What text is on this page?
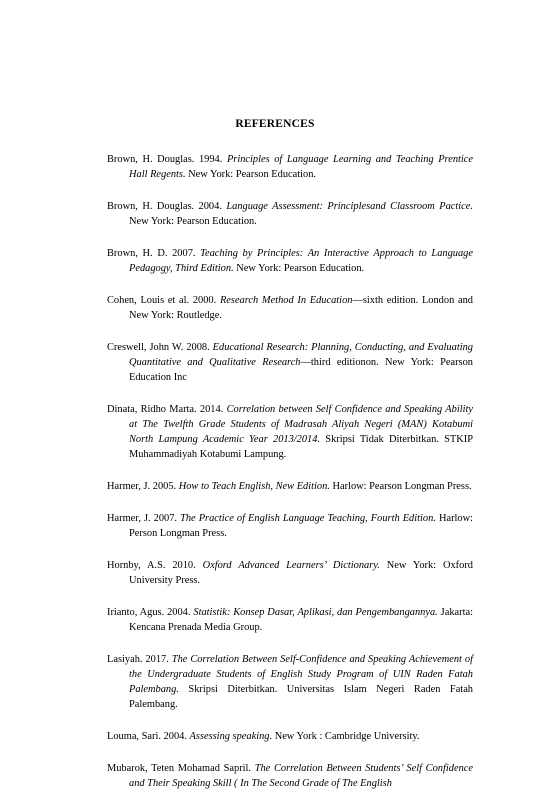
REFERENCES

Brown, H. Douglas. 1994. Principles of Language Learning and Teaching Prentice Hall Regents. New York: Pearson Education.

Brown, H. Douglas. 2004. Language Assessment: Principlesand Classroom Pactice. New York: Pearson Education.

Brown, H. D. 2007. Teaching by Principles: An Interactive Approach to Language Pedagogy, Third Edition. New York: Pearson Education.

Cohen, Louis et al. 2000. Research Method In Education—sixth edition. London and New York: Routledge.

Creswell, John W. 2008. Educational Research: Planning, Conducting, and Evaluating Quantitative and Qualitative Research—third editionon. New York: Pearson Education Inc

Dinata, Ridho Marta. 2014. Correlation between Self Confidence and Speaking Ability at The Twelfth Grade Students of Madrasah Aliyah Negeri (MAN) Kotabumi North Lampung Academic Year 2013/2014. Skripsi Tidak Diterbitkan. STKIP Muhammadiyah Kotabumi Lampung.

Harmer, J. 2005. How to Teach English, New Edition. Harlow: Pearson Longman Press.

Harmer, J. 2007. The Practice of English Language Teaching, Fourth Edition. Harlow: Person Longman Press.

Hornby, A.S. 2010. Oxford Advanced Learners’ Dictionary. New York: Oxford University Press.

Irianto, Agus. 2004. Statistik: Konsep Dasar, Aplikasi, dan Pengembangannya. Jakarta: Kencana Prenada Media Group.

Lasiyah. 2017. The Correlation Between Self-Confidence and Speaking Achievement of the Undergraduate Students of English Study Program of UIN Raden Fatah Palembang. Skripsi Diterbitkan. Universitas Islam Negeri Raden Fatah Palembang.

Louma, Sari. 2004. Assessing speaking. New York : Cambridge University.

Mubarok, Teten Mohamad Sapril. The Correlation Between Students’ Self Confidence and Their Speaking Skill ( In The Second Grade of The English
